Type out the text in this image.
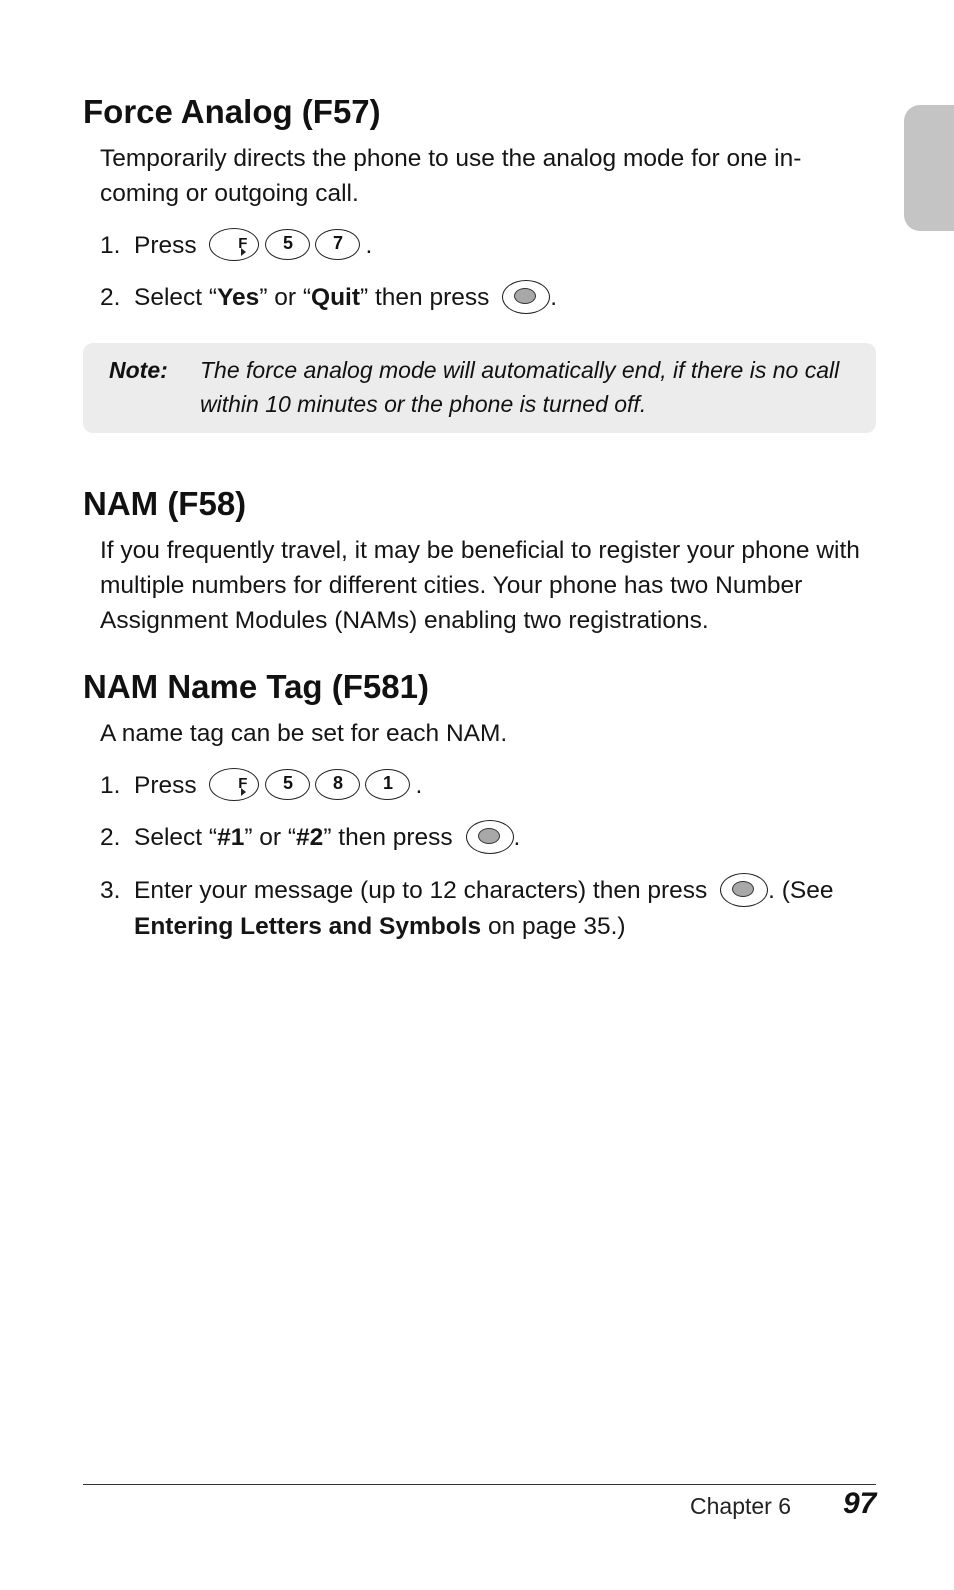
Force Analog (F57)

Temporarily directs the phone to use the analog mode for one incoming or outgoing call.

1. Press	F 5 7 .
2. Select “Yes” or “Quit” then press .
Note: The force analog mode will automatically end, if there is no call within 10 minutes or the phone is turned off.

NAM (F58)

If you frequently travel, it may be beneficial to register your phone with multiple numbers for different cities. Your phone has two Number Assignment Modules (NAMs) enabling two registrations.

NAM Name Tag (F581)

A name tag can be set for each NAM.

1. Press	F 5 8 1 .
2. Select “#1” or “#2” then press .
3. Enter your message (up to 12 characters) then press . (See Entering Letters and Symbols on page 35.)
Chapter 6 97
